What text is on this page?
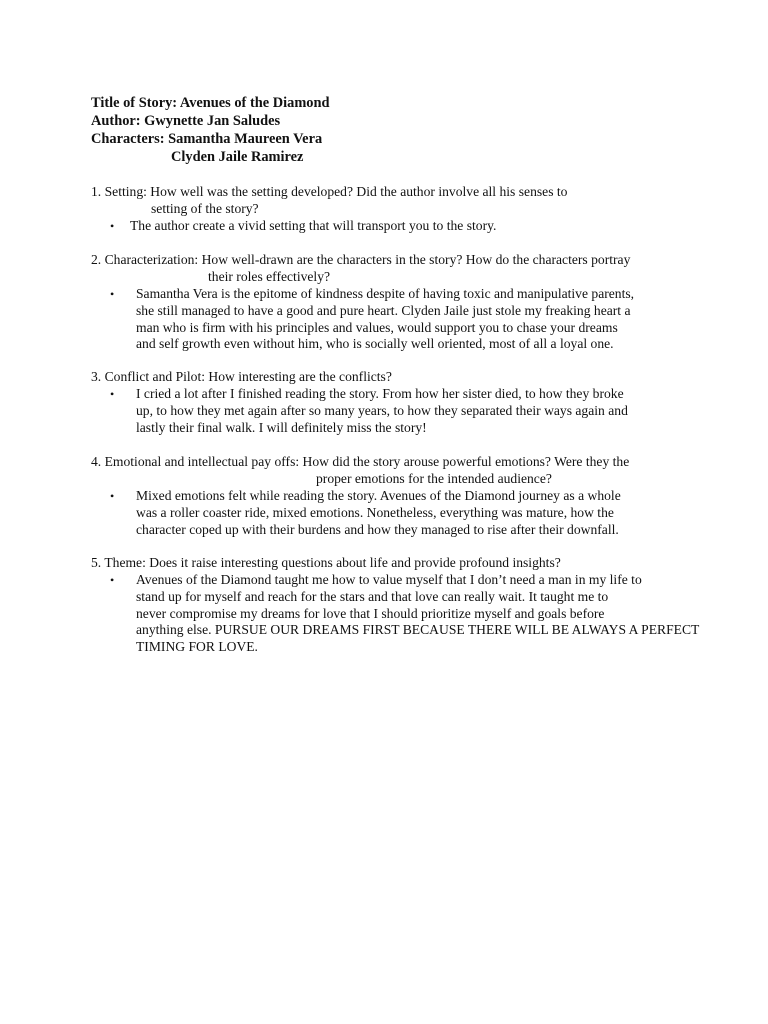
Title of Story: Avenues of the Diamond
Author: Gwynette Jan Saludes
Characters: Samantha Maureen Vera
Clyden Jaile Ramirez
1. Setting: How well was the setting developed? Did the author involve all his senses to
setting of the story?
• The author create a vivid setting that will transport you to the story.
2. Characterization: How well-drawn are the characters in the story? How do the characters portray
their roles effectively?
• Samantha Vera is the epitome of kindness despite of having toxic and manipulative parents,
she still managed to have a good and pure heart. Clyden Jaile just stole my freaking heart a
man who is firm with his principles and values, would support you to chase your dreams
and self growth even without him, who is socially well oriented, most of all a loyal one.
3. Conflict and Pilot: How interesting are the conflicts?
• I cried a lot after I finished reading the story. From how her sister died, to how they broke
up, to how they met again after so many years, to how they separated their ways again and
lastly their final walk. I will definitely miss the story!
4. Emotional and intellectual pay offs: How did the story arouse powerful emotions? Were they the
proper emotions for the intended audience?
• Mixed emotions felt while reading the story. Avenues of the Diamond journey as a whole
was a roller coaster ride, mixed emotions. Nonetheless, everything was mature, how the
character coped up with their burdens and how they managed to rise after their downfall.
5. Theme: Does it raise interesting questions about life and provide profound insights?
• Avenues of the Diamond taught me how to value myself that I don’t need a man in my life to
stand up for myself and reach for the stars and that love can really wait. It taught me to
never compromise my dreams for love that I should prioritize myself and goals before
anything else. PURSUE OUR DREAMS FIRST BECAUSE THERE WILL BE ALWAYS A PERFECT
TIMING FOR LOVE.
